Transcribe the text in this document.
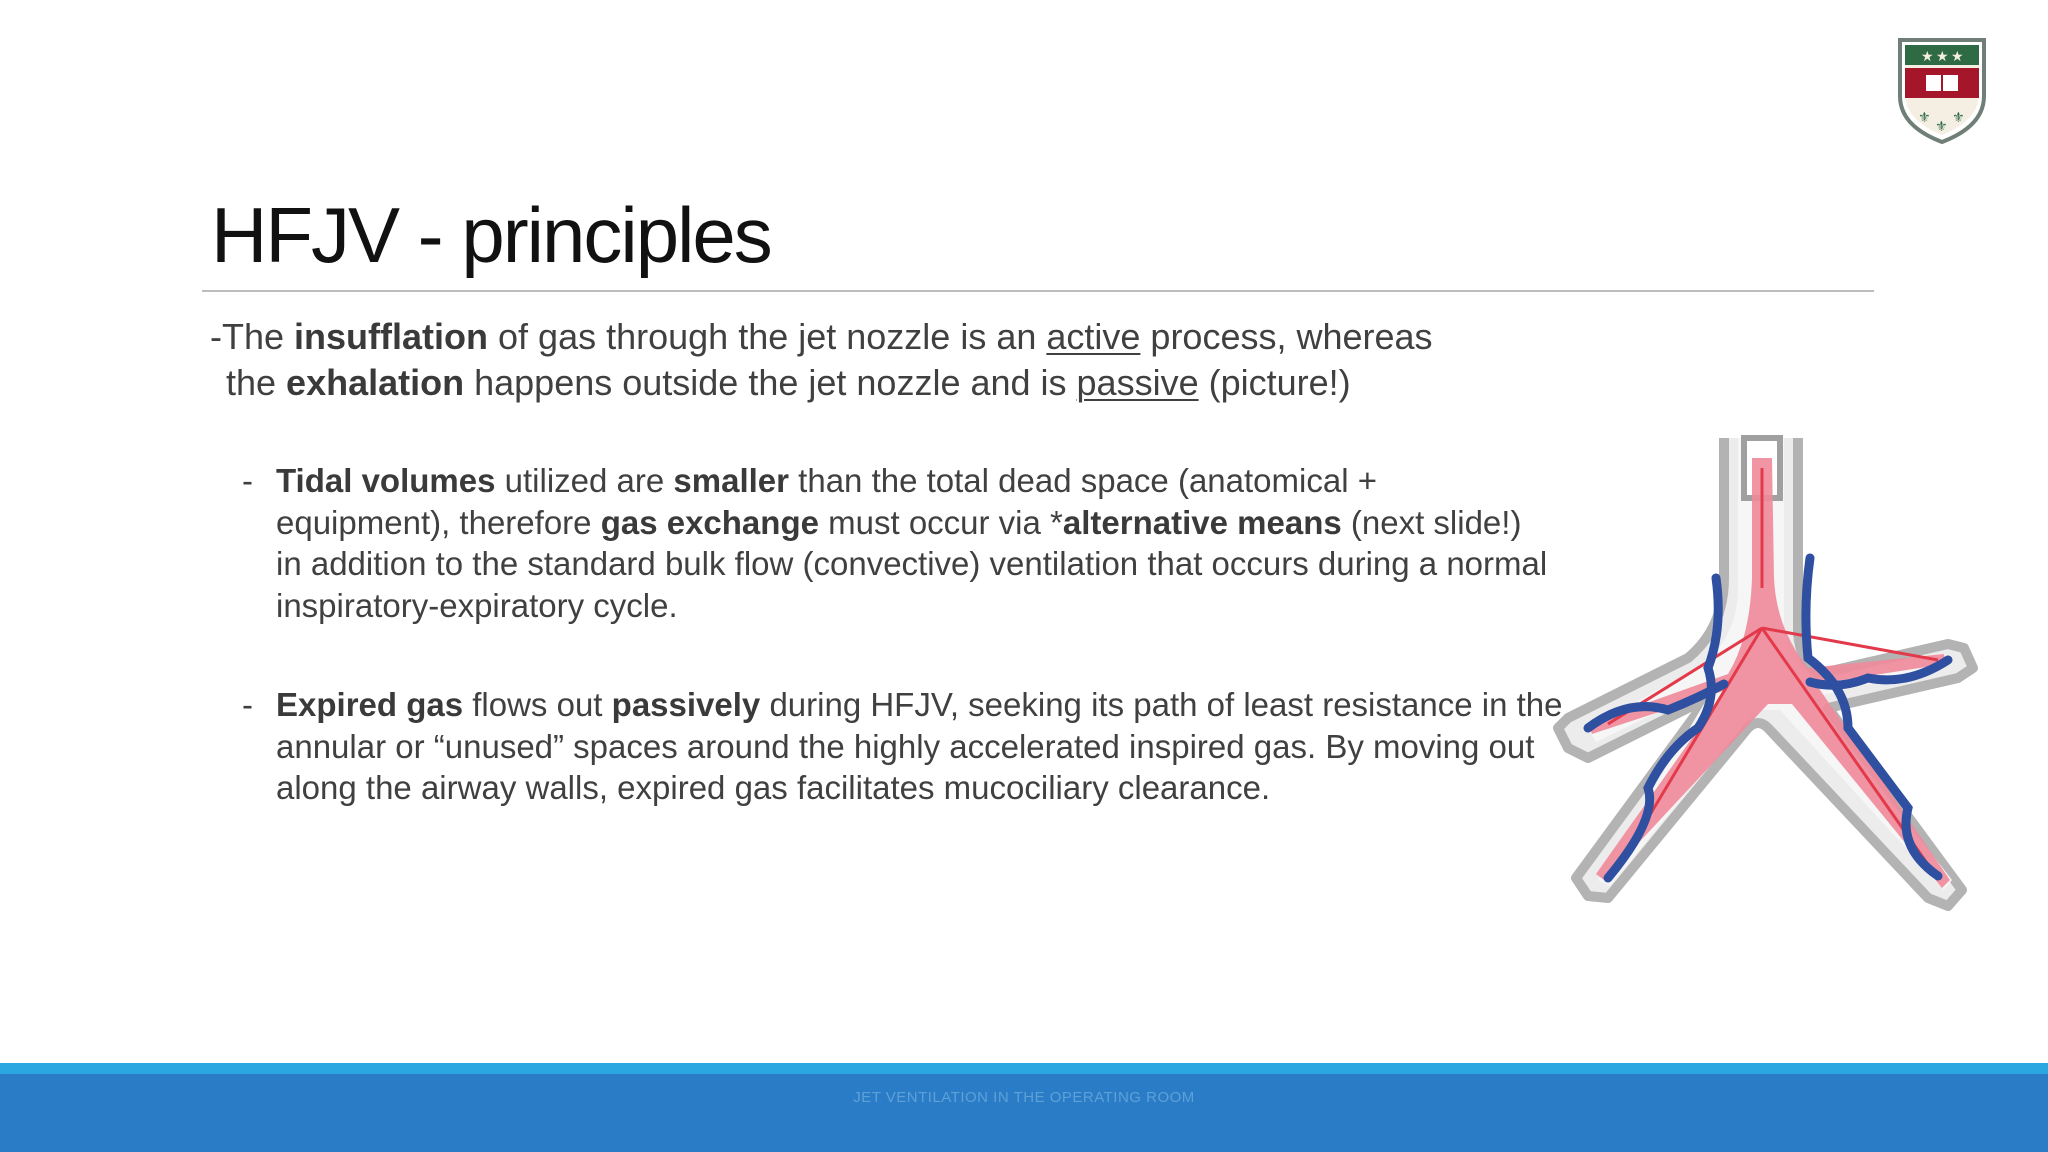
★ ★ ★
⚜
⚜
⚜
HFJV - principles
-The insufflation of gas through the jet nozzle is an active process, whereas
the exhalation happens outside the jet nozzle and is passive (picture!)
- Tidal volumes utilized are smaller than the total dead space (anatomical + equipment), therefore gas exchange must occur via *alternative means (next slide!) in addition to the standard bulk flow (convective) ventilation that occurs during a normal inspiratory-expiratory cycle.
- Expired gas flows out passively during HFJV, seeking its path of least resistance in the annular or “unused” spaces around the highly accelerated inspired gas. By moving out along the airway walls, expired gas facilitates mucociliary clearance.
JET VENTILATION IN THE OPERATING ROOM
